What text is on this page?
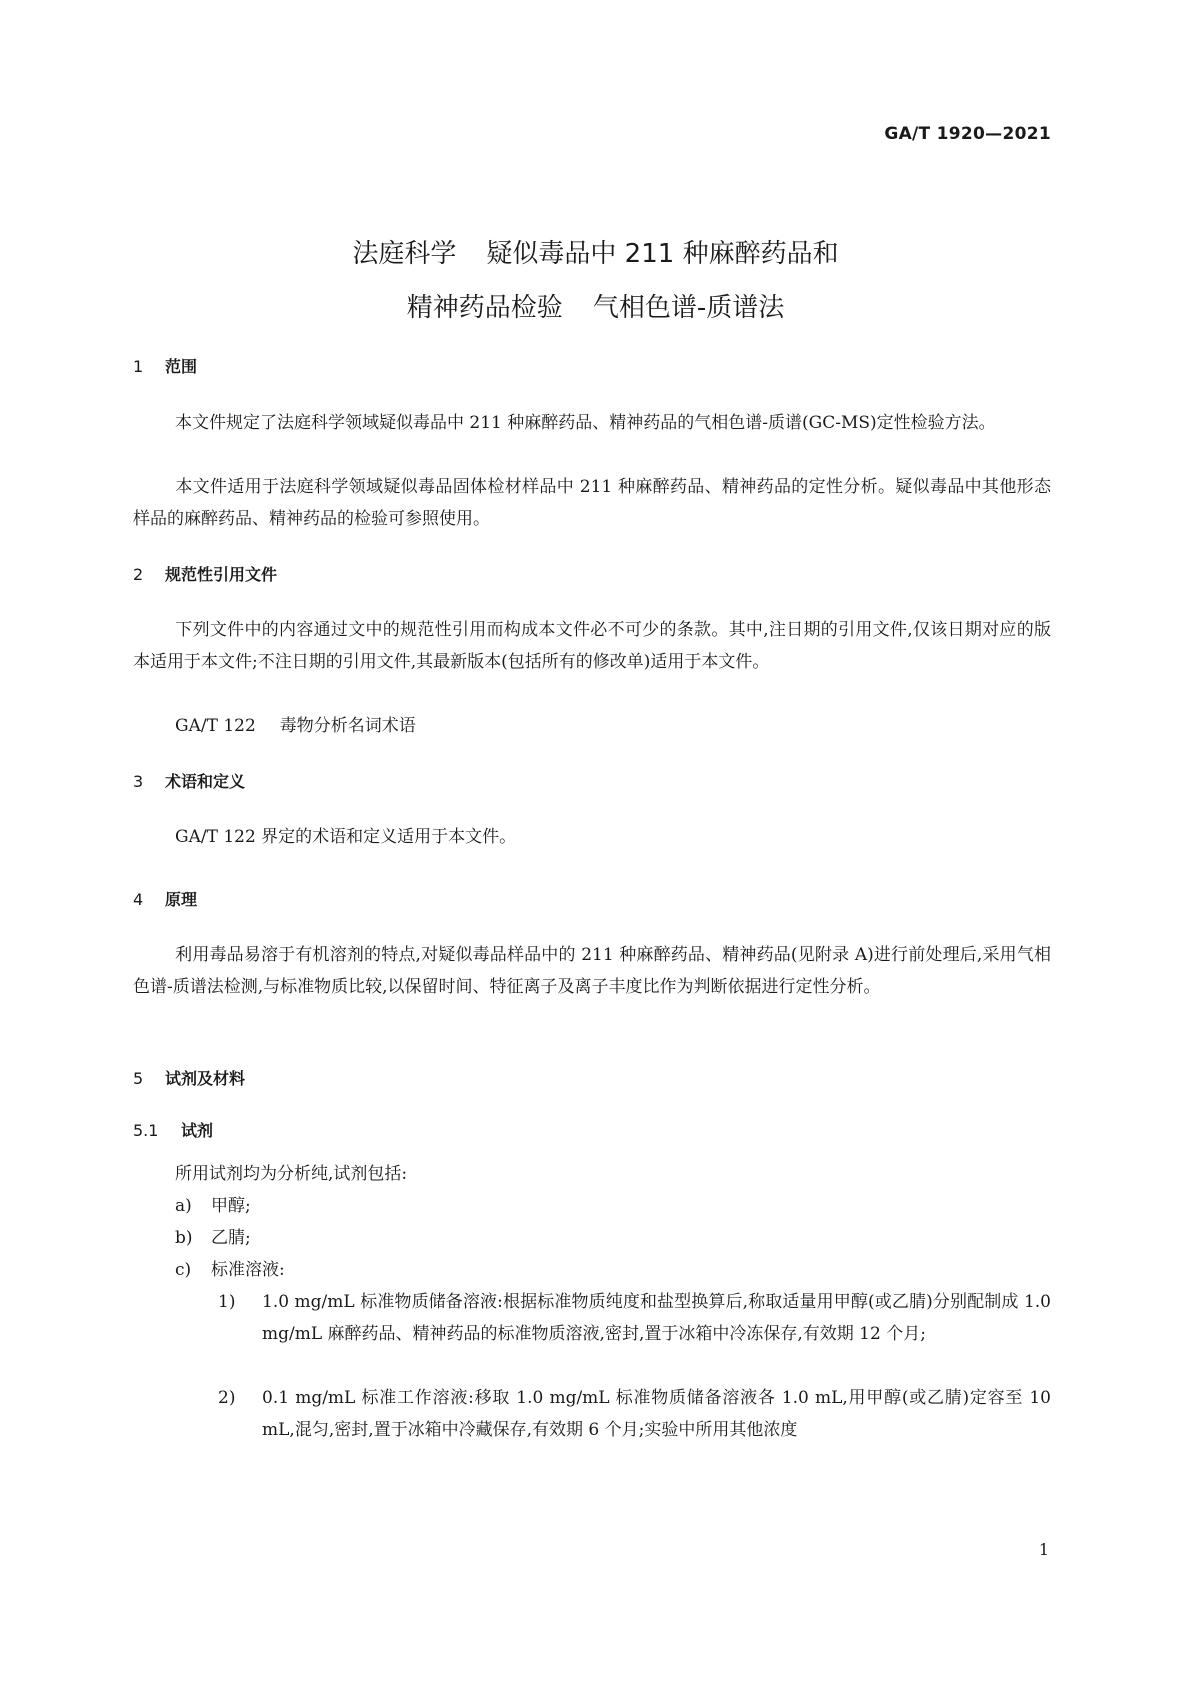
GA/T 1920—2021
法庭科学 疑似毒品中 211 种麻醉药品和
精神药品检验 气相色谱-质谱法
1 范围
本文件规定了法庭科学领域疑似毒品中 211 种麻醉药品、精神药品的气相色谱-质谱(GC-MS)定性检验方法。
本文件适用于法庭科学领域疑似毒品固体检材样品中 211 种麻醉药品、精神药品的定性分析。疑似毒品中其他形态样品的麻醉药品、精神药品的检验可参照使用。
2 规范性引用文件
下列文件中的内容通过文中的规范性引用而构成本文件必不可少的条款。其中,注日期的引用文件,仅该日期对应的版本适用于本文件;不注日期的引用文件,其最新版本(包括所有的修改单)适用于本文件。
GA/T 122 毒物分析名词术语
3 术语和定义
GA/T 122 界定的术语和定义适用于本文件。
4 原理
利用毒品易溶于有机溶剂的特点,对疑似毒品样品中的 211 种麻醉药品、精神药品(见附录 A)进行前处理后,采用气相色谱-质谱法检测,与标准物质比较,以保留时间、特征离子及离子丰度比作为判断依据进行定性分析。
5 试剂及材料
5.1 试剂
所用试剂均为分析纯,试剂包括:
a) 甲醇;
b) 乙腈;
c) 标准溶液:
1) 1.0 mg/mL 标准物质储备溶液:根据标准物质纯度和盐型换算后,称取适量用甲醇(或乙腈)分别配制成 1.0 mg/mL 麻醉药品、精神药品的标准物质溶液,密封,置于冰箱中冷冻保存,有效期 12 个月;
2) 0.1 mg/mL 标准工作溶液:移取 1.0 mg/mL 标准物质储备溶液各 1.0 mL,用甲醇(或乙腈)定容至 10 mL,混匀,密封,置于冰箱中冷藏保存,有效期 6 个月;实验中所用其他浓度
1
